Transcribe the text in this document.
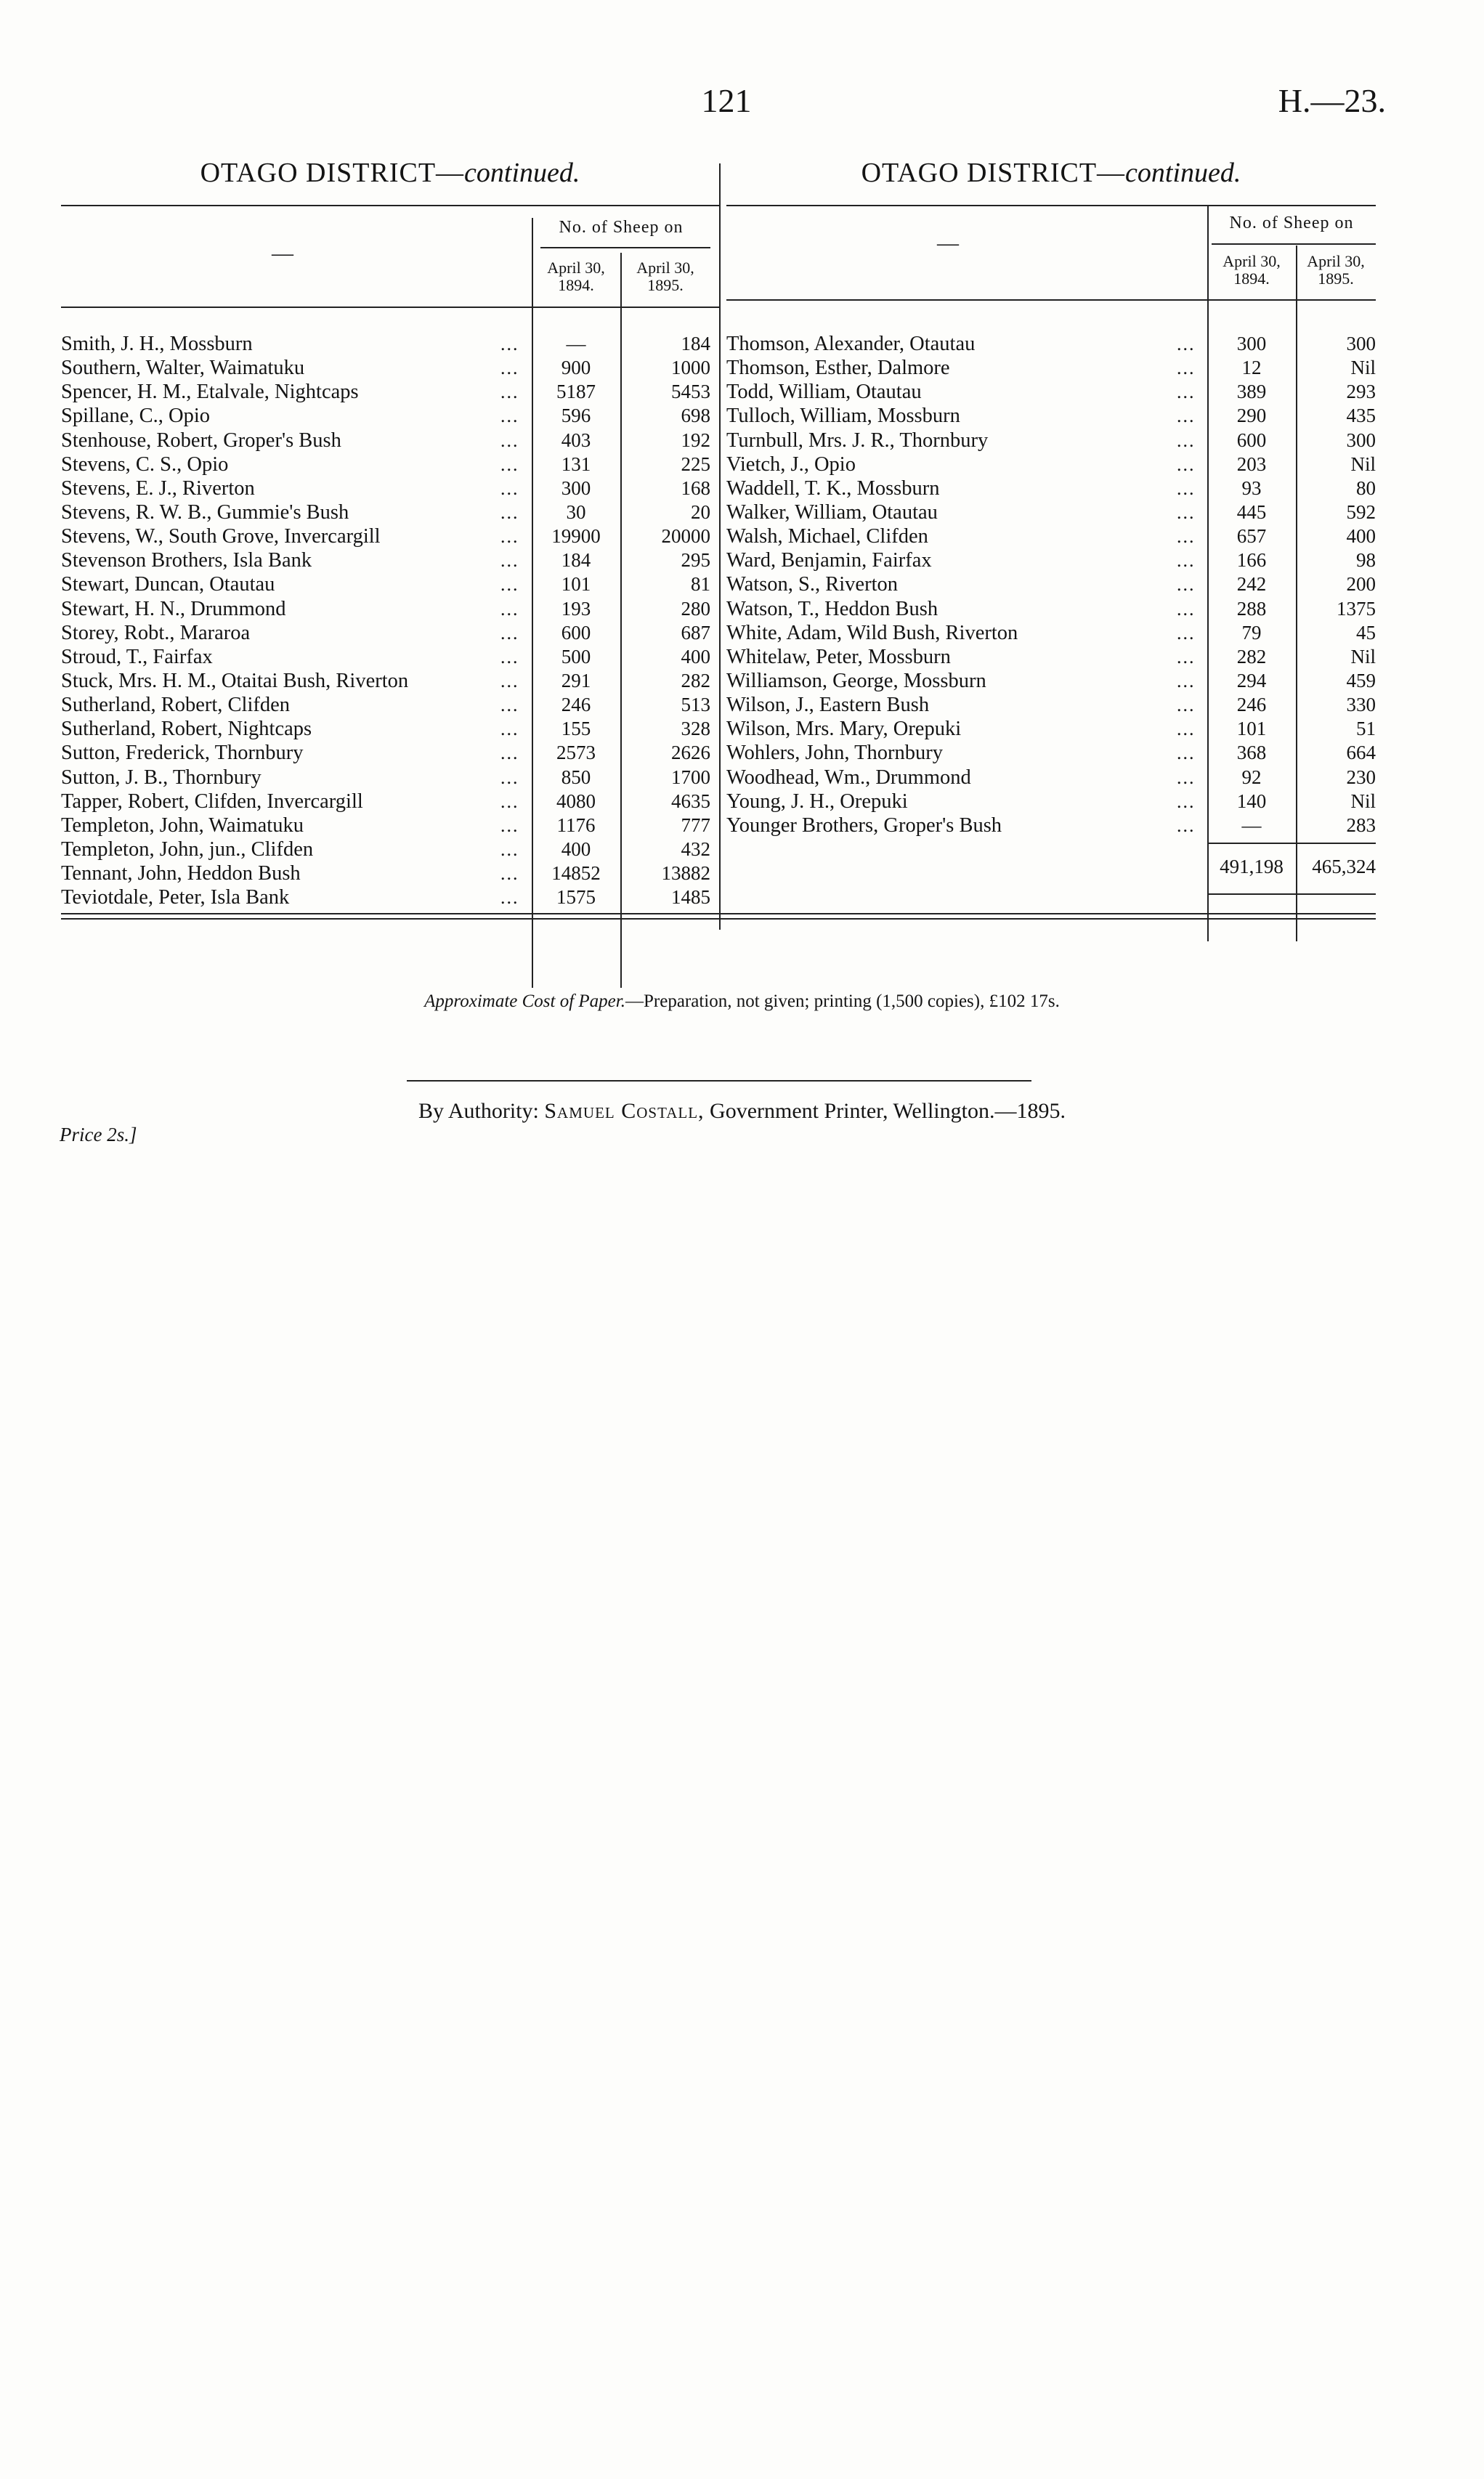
121	H.—23.
OTAGO DISTRICT—continued.
—
No. of Sheep on
April 30, 1894.
April 30, 1895.
Smith, J. H., Mossburn	...	—	184
Southern, Walter, Waimatuku	...	900	1000
Spencer, H. M., Etalvale, Nightcaps	...	5187	5453
Spillane, C., Opio	...	596	698
Stenhouse, Robert, Groper's Bush	...	403	192
Stevens, C. S., Opio	...	131	225
Stevens, E. J., Riverton	...	300	168
Stevens, R. W. B., Gummie's Bush	...	30	20
Stevens, W., South Grove, Invercargill	...	19900	20000
Stevenson Brothers, Isla Bank	...	184	295
Stewart, Duncan, Otautau	...	101	81
Stewart, H. N., Drummond	...	193	280
Storey, Robt., Mararoa	...	600	687
Stroud, T., Fairfax	...	500	400
Stuck, Mrs. H. M., Otaitai Bush, Riverton	...	291	282
Sutherland, Robert, Clifden	...	246	513
Sutherland, Robert, Nightcaps	...	155	328
Sutton, Frederick, Thornbury	...	2573	2626
Sutton, J. B., Thornbury	...	850	1700
Tapper, Robert, Clifden, Invercargill	...	4080	4635
Templeton, John, Waimatuku	...	1176	777
Templeton, John, jun., Clifden	...	400	432
Tennant, John, Heddon Bush	...	14852	13882
Teviotdale, Peter, Isla Bank	...	1575	1485
OTAGO DISTRICT—continued.
—
No. of Sheep on
April 30, 1894.
April 30, 1895.
Thomson, Alexander, Otautau	...	300	300
Thomson, Esther, Dalmore	...	12	Nil
Todd, William, Otautau	...	389	293
Tulloch, William, Mossburn	...	290	435
Turnbull, Mrs. J. R., Thornbury	...	600	300
Vietch, J., Opio	...	203	Nil
Waddell, T. K., Mossburn	...	93	80
Walker, William, Otautau	...	445	592
Walsh, Michael, Clifden	...	657	400
Ward, Benjamin, Fairfax	...	166	98
Watson, S., Riverton	...	242	200
Watson, T., Heddon Bush	...	288	1375
White, Adam, Wild Bush, Riverton	...	79	45
Whitelaw, Peter, Mossburn	...	282	Nil
Williamson, George, Mossburn	...	294	459
Wilson, J., Eastern Bush	...	246	330
Wilson, Mrs. Mary, Orepuki	...	101	51
Wohlers, John, Thornbury	...	368	664
Woodhead, Wm., Drummond	...	92	230
Young, J. H., Orepuki	...	140	Nil
Younger Brothers, Groper's Bush	...	—	283
491,198	465,324
Approximate Cost of Paper.—Preparation, not given; printing (1,500 copies), £102 17s.
By Authority: Samuel Costall, Government Printer, Wellington.—1895.
Price 2s.]
